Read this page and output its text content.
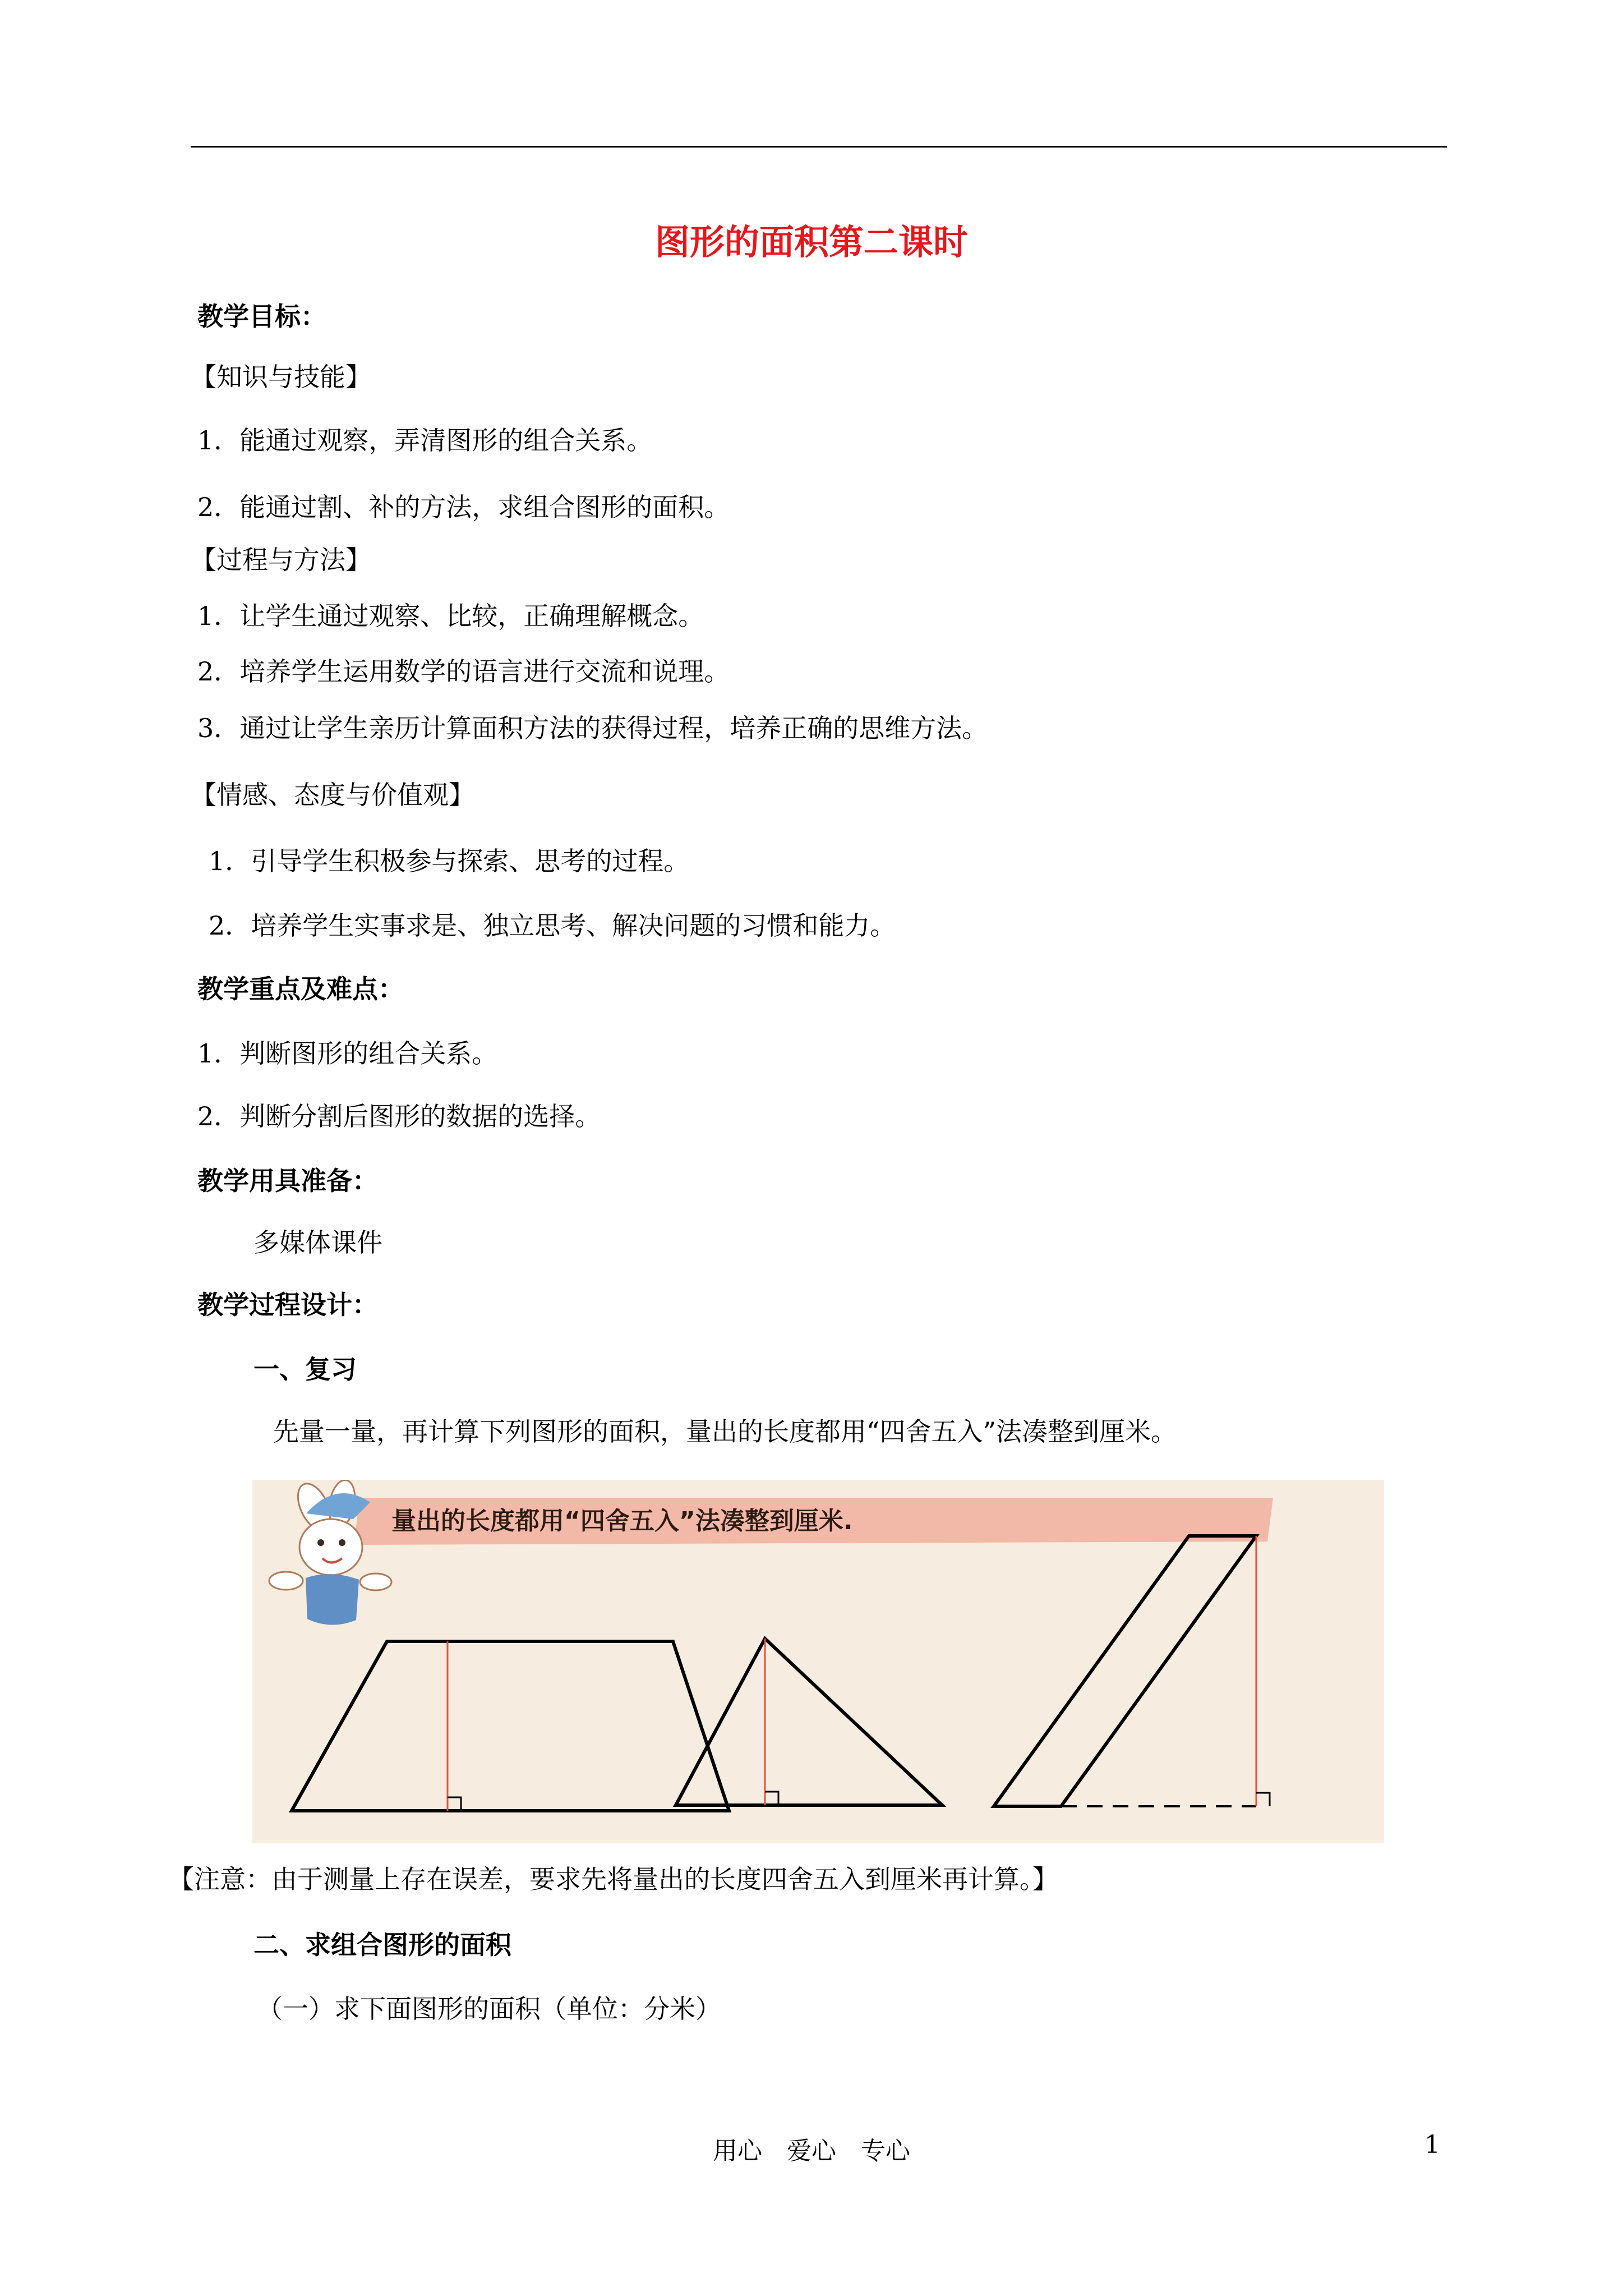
图形的面积第二课时
教学目标：
【知识与技能】
1．能通过观察，弄清图形的组合关系。
2．能通过割、补的方法，求组合图形的面积。
【过程与方法】
1．让学生通过观察、比较，正确理解概念。
2．培养学生运用数学的语言进行交流和说理。
3．通过让学生亲历计算面积方法的获得过程，培养正确的思维方法。
【情感、态度与价值观】
1．引导学生积极参与探索、思考的过程。
2．培养学生实事求是、独立思考、解决问题的习惯和能力。
教学重点及难点：
1．判断图形的组合关系。
2．判断分割后图形的数据的选择。
教学用具准备：
多媒体课件
教学过程设计：
一、复习
先量一量，再计算下列图形的面积，量出的长度都用“四舍五入”法凑整到厘米。
量出的长度都用“四舍五入”法凑整到厘米.
【注意：由于测量上存在误差，要求先将量出的长度四舍五入到厘米再计算。】
二、求组合图形的面积
（一）求下面图形的面积（单位：分米）
用心　爱心　专心	1
